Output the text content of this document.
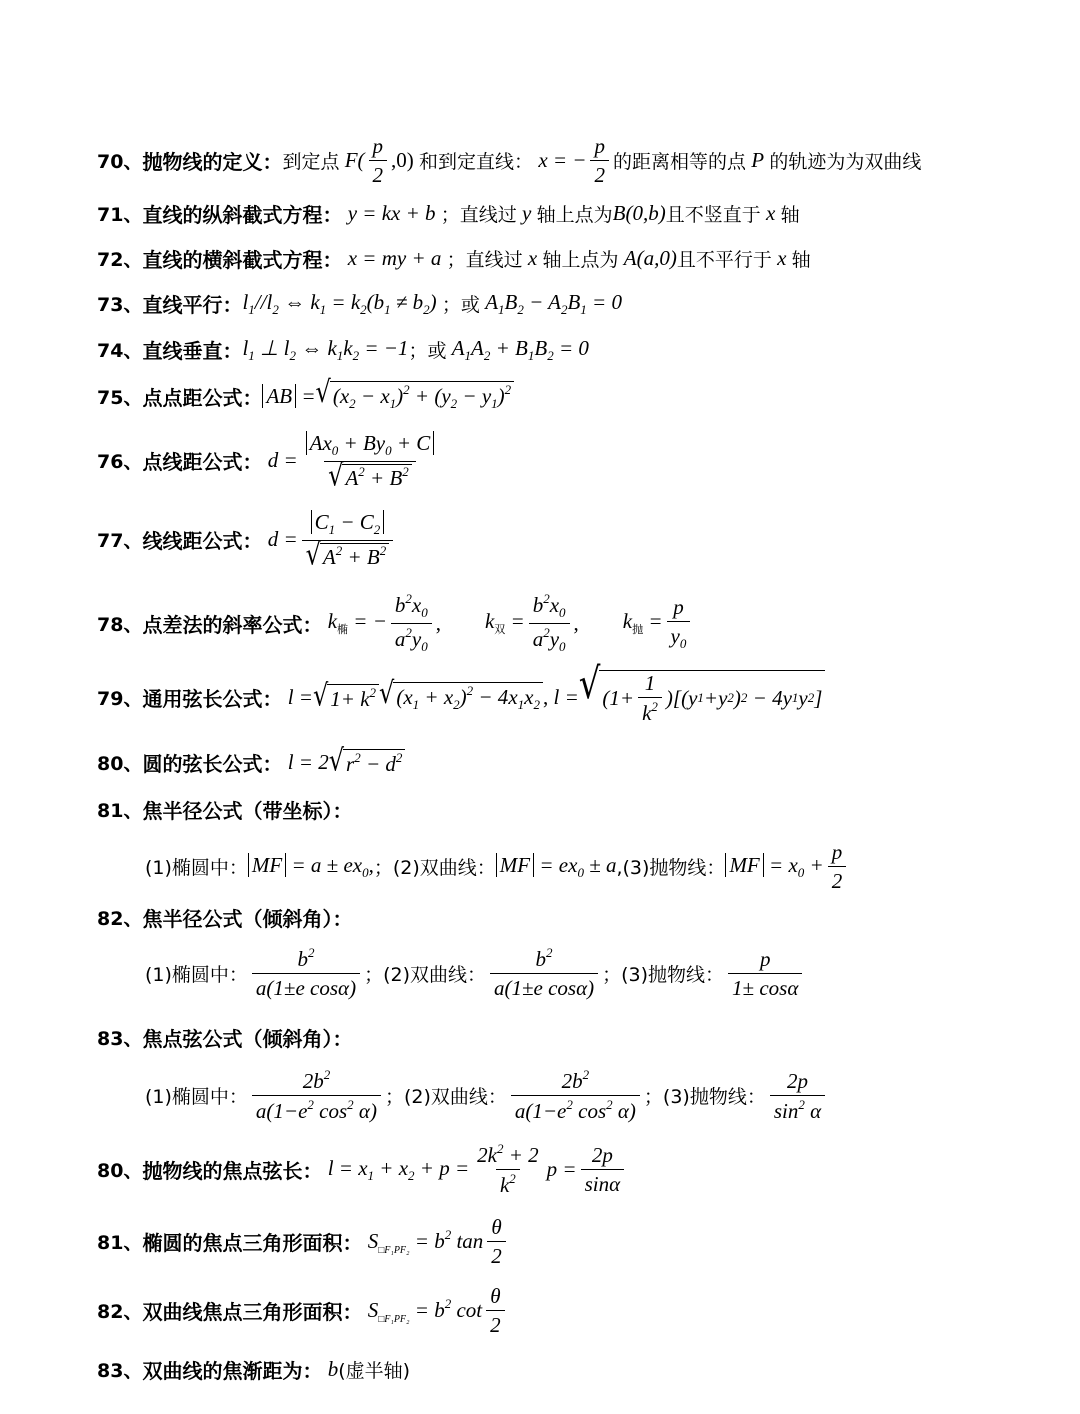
70、 抛物线的定义： 到定点 $F( \frac{p}{2} ,0)$ 和到定直线： x = − $\frac{p}{2}$ 的距离相等的点 P 的轨迹为为双曲线
71、 直线的纵斜截式方程： y = kx + b ；直线过 y 轴上点为 B(0,b) 且不竖直于 x 轴
72、 直线的横斜截式方程： x = my + a ；直线过 x 轴上点为 A(a,0) 且不平行于 x 轴
73、 直线平行： $l_1//l_2$ ⇔ $k_1 = k_2(b_1 \ne b_2)$ ；或 $A_1B_2 - A_2B_1 = 0$
74、 直线垂直： $l_1$ ⊥ $l_2$ ⇔ $k_1k_2 = -1$ ；或 $A_1A_2 + B_1B_2 = 0$
75、 点点距公式： AB = √ $(x_2 - x_1)^2 + (y_2 - y_1)^2$
76、 点线距公式： $d = \frac{Ax_0 + By_0 + C}{√ A^2 + B^2}$
77、 线线距公式： $d = \frac{C_1 - C_2}{√ A^2 + B^2}$
78、 点差法的斜率公式： $k_椭$ = − $\frac{b^2x_0}{a^2y_0}$ , $k_双 = \frac{b^2x_0}{a^2y_0}$ , $k_抛 = \frac{p}{y_0}$
79、 通用弦长公式： l = √ $1+ k^2$ √ $(x_1 + x_2)^2 - 4x_1x_2$ , l = √ ($1+ \frac{1}{k^2}$ )[( y 1 + y 2 ) 2 − 4 y 1 y 2 ]
80、 圆的弦长公式： l = 2 √ $r^2 - d^2$
81、 焦半径公式（带坐标）：
(1)椭圆中： MF = $a \pm ex_0$, ；(2)双曲线： MF = $ex_0 \pm a$ ,(3)抛物线： MF = $x_0 + \frac{p}{2}$
82、 焦半径公式（倾斜角）：
(1)椭圆中： $\frac{b^2}{\text{a(1±e cosα)}}$ ；(2)双曲线： $\frac{b^2}{\text{a(1±e cosα)}}$ ；(3)抛物线： $\frac{p}{1\pm \cos\alpha}$
83、 焦点弦公式（倾斜角）：
(1)椭圆中： $\frac{2b^2}{a(1-e^2 \cos^2 \alpha)}$ ；(2)双曲线： $\frac{2b^2}{a(1-e^2 \cos^2 \alpha)}$ ；(3)抛物线： $\frac{2p}{\sin^2 \alpha}$
80、 抛物线的焦点弦长： $l = x_1 + x_2 + p = \frac{2k^2 + 2}{k^2}$ $p = \frac{2p}{\sin\alpha}$
81、 椭圆的焦点三角形面积： $S_{□F_1PF_2} = b^2$ $\tan \frac{\theta}{2}$
82、 双曲线焦点三角形面积： $S_{□F_1PF_2} = b^2$ $\cot \frac{\theta}{2}$
83、 双曲线的焦渐距为： b (虚半轴)
